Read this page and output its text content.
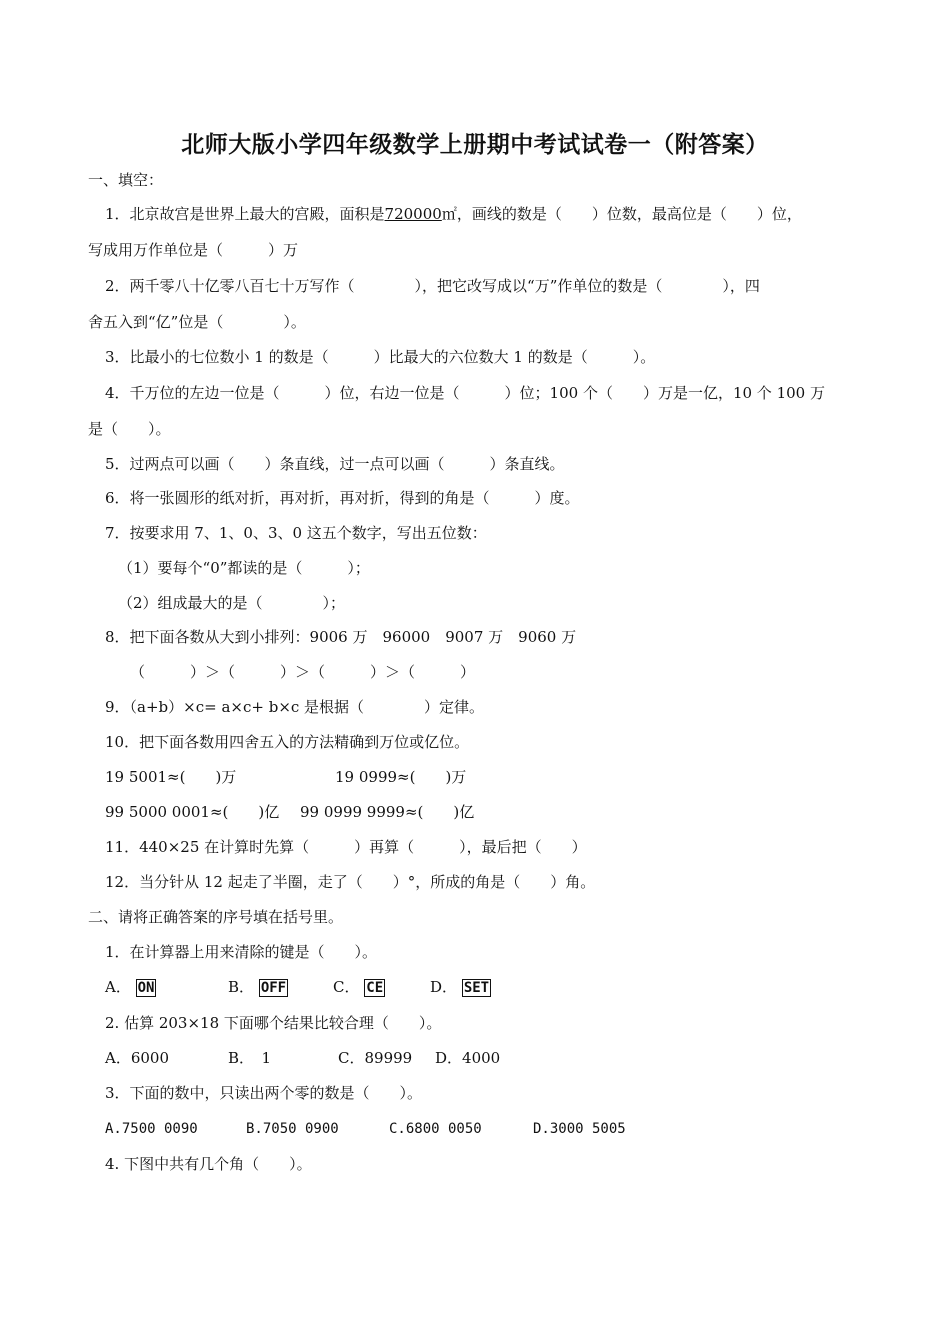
北师大版小学四年级数学上册期中考试试卷一（附答案）
一、填空：
1．北京故宫是世界上最大的宫殿，面积是720000㎡，画线的数是（　　）位数，最高位是（　　）位，
写成用万作单位是（　　　）万
2．两千零八十亿零八百七十万写作（　　　　），把它改写成以“万”作单位的数是（　　　　），四
舍五入到“亿”位是（　　　　）。
3．比最小的七位数小 1 的数是（　　　）比最大的六位数大 1 的数是（　　　）。
4．千万位的左边一位是（　　　）位，右边一位是（　　　）位；100 个（　　）万是一亿，10 个 100 万
是（　　）。
5．过两点可以画（　　）条直线，过一点可以画（　　　）条直线。
6．将一张圆形的纸对折，再对折，再对折，得到的角是（　　　）度。
7．按要求用 7、1、0、3、0 这五个数字，写出五位数：
（1）要每个“0”都读的是（　　　）；
（2）组成最大的是（　　　　）；
8．把下面各数从大到小排列：9006 万　96000　9007 万　9060 万
（　　　）＞（　　　）＞（　　　）＞（　　　）
9．（a+b）×c= a×c+ b×c 是根据（　　　　）定律。
10．把下面各数用四舍五入的方法精确到万位或亿位。
19 5001≈(　　)万	19 0999≈(　　)万
99 5000 0001≈(　　)亿 99 0999 9999≈(　　)亿
11．440×25 在计算时先算（　　　）再算（　　　），最后把（　　）
12．当分针从 12 起走了半圈，走了（　　）°，所成的角是（　　）角。
二、请将正确答案的序号填在括号里。
1．在计算器上用来清除的键是（　　）。
A． ON	B． OFF	C． CE	D． SET
2. 估算 203×18 下面哪个结果比较合理（　　）。
A．6000	B．　1	C．89999 D．4000
3．下面的数中，只读出两个零的数是（　　）。
A.7500 0090	B.7050 0900	C.6800 0050	D.3000 5005
4. 下图中共有几个角（　　）。
